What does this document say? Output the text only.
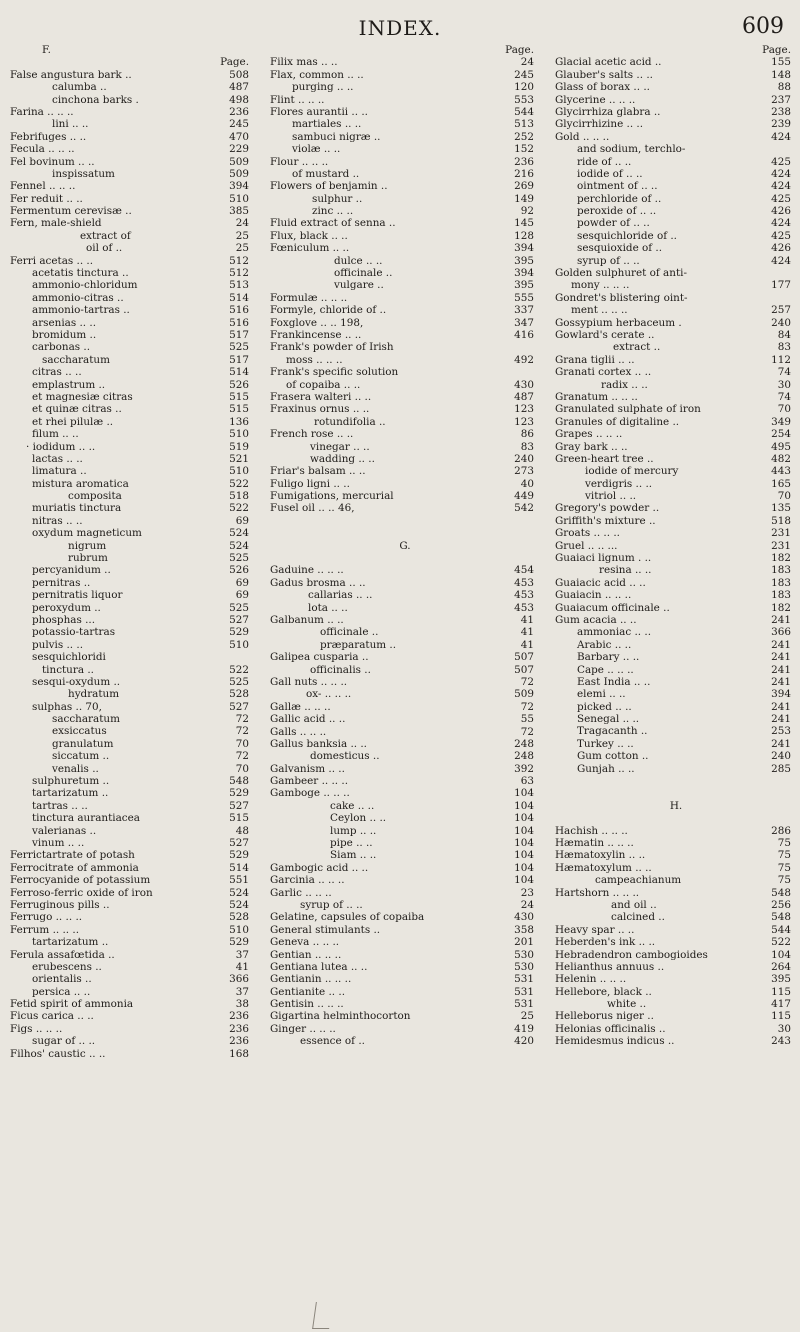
INDEX.	609
F.
Page.
False angustura bark ..	508
calumba ..	487
cinchona barks .	498
Farina .. .. ..	236
lini .. ..	245
Febrifuges .. ..	470
Fecula .. .. ..	229
Fel bovinum .. ..	509
inspissatum	509
Fennel .. .. ..	394
Fer reduit .. ..	510
Fermentum cerevisæ ..	385
Fern, male-shield	24
extract of	25
oil of ..	25
Ferri acetas .. ..	512
acetatis tinctura ..	512
ammonio-chloridum	513
ammonio-citras ..	514
ammonio-tartras ..	516
arsenias .. ..	516
bromidum ..	517
carbonas ..	525
saccharatum	517
citras .. ..	514
emplastrum ..	526
et magnesiæ citras	515
et quinæ citras ..	515
et rhei pilulæ ..	136
filum .. ..	510
· iodidum .. ..	519
lactas .. ..	521
limatura ..	510
mistura aromatica	522
composita	518
muriatis tinctura	522
nitras .. ..	69
oxydum magneticum	524
nigrum	524
rubrum	525
percyanidum ..	526
pernitras ..	69
pernitratis liquor	69
peroxydum ..	525
phosphas ...	527
potassio-tartras	529
pulvis .. ..	510
sesquichloridi
tinctura ..	522
sesqui-oxydum ..	525
hydratum	528
sulphas .. 70,	527
saccharatum	72
exsiccatus	72
granulatum	70
siccatum ..	72
venalis ..	70
sulphuretum ..	548
tartarizatum ..	529
tartras .. ..	527
tinctura aurantiacea	515
valerianas ..	48
vinum .. ..	527
Ferrictartrate of potash	529
Ferrocitrate of ammonia	514
Ferrocyanide of potassium	551
Ferroso-ferric oxide of iron	524
Ferruginous pills ..	524
Ferrugo .. .. ..	528
Ferrum .. .. ..	510
tartarizatum ..	529
Ferula assafœtida ..	37
erubescens ..	41
orientalis ..	366
persica .. ..	37
Fetid spirit of ammonia	38
Ficus carica .. ..	236
Figs .. .. ..	236
sugar of .. ..	236
Filhos' caustic .. ..	168
Page.
Filix mas .. ..	24
Flax, common .. ..	245
purging .. ..	120
Flint .. .. ..	553
Flores aurantii .. ..	544
martiales .. ..	513
sambuci nigræ ..	252
violæ .. ..	152
Flour .. .. ..	236
of mustard ..	216
Flowers of benjamin ..	269
sulphur ..	149
zinc .. ..	92
Fluid extract of senna ..	145
Flux, black .. ..	128
Fœniculum .. ..	394
dulce .. ..	395
officinale ..	394
vulgare ..	395
Formulæ .. .. ..	555
Formyle, chloride of ..	337
Foxglove .. .. 198,	347
Frankincense .. ..	416
Frank's powder of Irish
moss .. .. ..	492
Frank's specific solution
of copaiba .. ..	430
Frasera walteri .. ..	487
Fraxinus ornus .. ..	123
rotundifolia ..	123
French rose .. ..	86
vinegar .. ..	83
wadding .. ..	240
Friar's balsam .. ..	273
Fuligo ligni .. ..	40
Fumigations, mercurial	449
Fusel oil .. .. 46,	542
G.
Gaduine .. .. ..	454
Gadus brosma .. ..	453
callarias .. ..	453
lota .. ..	453
Galbanum .. ..	41
officinale ..	41
præparatum ..	41
Galipea cusparia ..	507
officinalis ..	507
Gall nuts .. .. ..	72
ox- .. .. ..	509
Gallæ .. .. ..	72
Gallic acid .. ..	55
Galls .. .. ..	72
Gallus banksia .. ..	248
domesticus ..	248
Galvanism .. ..	392
Gambeer .. .. ..	63
Gamboge .. .. ..	104
cake .. ..	104
Ceylon .. ..	104
lump .. ..	104
pipe .. ..	104
Siam .. ..	104
Gambogic acid .. ..	104
Garcinia .. .. ..	104
Garlic .. .. ..	23
syrup of .. ..	24
Gelatine, capsules of copaiba	430
General stimulants ..	358
Geneva .. .. ..	201
Gentian .. .. ..	530
Gentiana lutea .. ..	530
Gentianin .. .. ..	531
Gentianite .. ..	531
Gentisin .. .. ..	531
Gigartina helminthocorton	25
Ginger .. .. ..	419
essence of ..	420
Page.
Glacial acetic acid ..	155
Glauber's salts .. ..	148
Glass of borax .. ..	88
Glycerine .. .. ..	237
Glycirrhiza glabra ..	238
Glycirrhizine .. ..	239
Gold .. .. ..	424
and sodium, terchlo-
ride of .. ..	425
iodide of .. ..	424
ointment of .. ..	424
perchloride of ..	425
peroxide of .. ..	426
powder of .. ..	424
sesquichloride of ..	425
sesquioxide of ..	426
syrup of .. ..	424
Golden sulphuret of anti-
mony .. .. ..	177
Gondret's blistering oint-
ment .. .. ..	257
Gossypium herbaceum .	240
Gowlard's cerate ..	84
extract ..	83
Grana tiglii .. ..	112
Granati cortex .. ..	74
radix .. ..	30
Granatum .. .. ..	74
Granulated sulphate of iron	70
Granules of digitaline ..	349
Grapes .. .. ..	254
Gray bark .. ..	495
Green-heart tree ..	482
iodide of mercury	443
verdigris .. ..	165
vitriol .. ..	70
Gregory's powder ..	135
Griffith's mixture ..	518
Groats .. .. ..	231
Gruel .. .. ...	231
Guaiaci lignum . ..	182
resina .. ..	183
Guaiacic acid .. ..	183
Guaiacin .. .. ..	183
Guaiacum officinale ..	182
Gum acacia .. ..	241
ammoniac .. ..	366
Arabic .. ..	241
Barbary .. ..	241
Cape .. .. ..	241
East India .. ..	241
elemi .. ..	394
picked .. ..	241
Senegal .. ..	241
Tragacanth ..	253
Turkey .. ..	241
Gum cotton ..	240
Gunjah .. ..	285
H.
Hachish .. .. ..	286
Hæmatin .. .. ..	75
Hæmatoxylin .. ..	75
Hæmatoxylum .. ..	75
campeachianum	75
Hartshorn .. .. ..	548
and oil ..	256
calcined ..	548
Heavy spar .. ..	544
Heberden's ink .. ..	522
Hebradendron cambogioides	104
Helianthus annuus ..	264
Helenin .. .. ..	395
Hellebore, black ..	115
white ..	417
Helleborus niger ..	115
Helonias officinalis ..	30
Hemidesmus indicus ..	243
